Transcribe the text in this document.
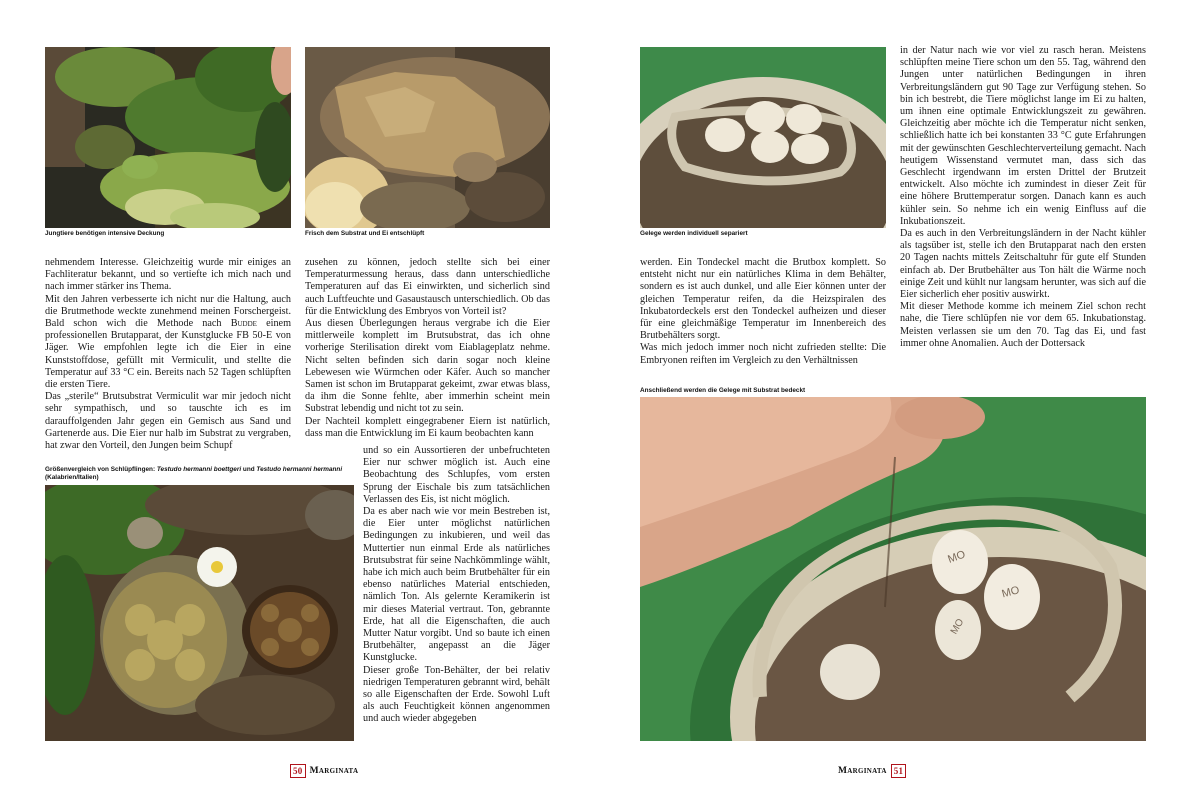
Jungtiere benötigen intensive Deckung	Frisch dem Substrat und Ei entschlüpft

nehmendem Interesse. Gleichzeitig wurde mir einiges an Fachliteratur bekannt, und so vertiefte ich mich nach und nach immer stärker ins Thema.

Mit den Jahren verbesserte ich nicht nur die Haltung, auch die Brutmethode weckte zunehmend meinen Forschergeist. Bald schon wich die Methode nach Budde einem professionellen Brutapparat, der Kunstglucke FB 50-E von Jäger. Wie empfohlen legte ich die Eier in eine Kunststoffdose, gefüllt mit Vermiculit, und stellte die Temperatur auf 33 °C ein. Bereits nach 52 Tagen schlüpften die ersten Tiere.

Das „sterile“ Brutsubstrat Vermiculit war mir jedoch nicht sehr sympathisch, und so tauschte ich es im darauffolgenden Jahr gegen ein Gemisch aus Sand und Gartenerde aus. Die Eier nur halb im Substrat zu vergraben, hat zwar den Vorteil, den Jungen beim Schupf

zusehen zu können, jedoch stellte sich bei einer Temperaturmessung heraus, dass dann unterschiedliche Temperaturen auf das Ei einwirkten, und sicherlich sind auch Luftfeuchte und Gasaustausch unterschiedlich. Ob das für die Entwicklung des Embryos von Vorteil ist?

Aus diesen Überlegungen heraus vergrabe ich die Eier mittlerweile komplett im Brutsubstrat, das ich ohne vorherige Sterilisation direkt vom Eiablageplatz nehme. Nicht selten befinden sich darin sogar noch kleine Lebewesen wie Würmchen oder Käfer. Auch so mancher Samen ist schon im Brutapparat gekeimt, zwar etwas blass, da ihm die Sonne fehlte, aber immerhin scheint mein Substrat lebendig und nicht tot zu sein.

Der Nachteil komplett eingegrabener Eiern ist natürlich, dass man die Entwicklung im Ei kaum beobachten kann

Größenvergleich von Schlüpflingen: Testudo hermanni boettgeri und Testudo hermanni hermanni
(Kalabrien/Italien)

und so ein Aussortieren der unbefruchteten Eier nur schwer möglich ist. Auch eine Beobachtung des Schlupfes, vom ersten Sprung der Eischale bis zum tatsächlichen Verlassen des Eis, ist nicht möglich.

Da es aber nach wie vor mein Bestreben ist, die Eier unter möglichst natürlichen Bedingungen zu inkubieren, und weil das Muttertier nun einmal Erde als natürliches Brutsubstrat für seine Nachkömmlinge wählt, habe ich mich auch beim Brutbehälter für ein ebenso natürliches Material entschieden, nämlich Ton. Als gelernte Keramikerin ist mir dieses Material vertraut. Ton, gebrannte Erde, hat all die Eigenschaften, die auch Mutter Natur vorgibt. Und so baute ich einen Brutbehälter, angepasst an die Jäger Kunstglucke.

Dieser große Ton-Behälter, der bei relativ niedrigen Temperaturen gebrannt wird, behält so alle Eigenschaften der Erde. Sowohl Luft als auch Feuchtigkeit können angenommen und auch wieder abgegeben

50 Marginata
Gelege werden individuell separiert

werden. Ein Tondeckel macht die Brutbox komplett. So entsteht nicht nur ein natürliches Klima in dem Behälter, sondern es ist auch dunkel, und alle Eier können unter der gleichen Temperatur reifen, da die Heizspiralen des Inkubatordeckels erst den Tondeckel aufheizen und dieser für eine gleichmäßige Temperatur im Innenbereich des Brutbehälters sorgt.

Was mich jedoch immer noch nicht zufrieden stellte: Die Embryonen reiften im Vergleich zu den Verhältnissen

in der Natur nach wie vor viel zu rasch heran. Meistens schlüpften meine Tiere schon um den 55. Tag, während den Jungen unter natürlichen Bedingungen in ihren Verbreitungsländern gut 90 Tage zur Verfügung stehen. So bin ich bestrebt, die Tiere möglichst lange im Ei zu halten, um ihnen eine optimale Entwicklungszeit zu gewähren. Gleichzeitig aber möchte ich die Temperatur nicht senken, schließlich hatte ich bei konstanten 33 °C gute Erfahrungen mit der gewünschten Geschlechterverteilung gemacht. Nach heutigem Wissenstand vermutet man, dass sich das Geschlecht irgendwann im ersten Drittel der Brutzeit entwickelt. Also möchte ich zumindest in dieser Zeit für eine höhere Bruttemperatur sorgen. Danach kann es auch kühler sein. So nehme ich ein wenig Einfluss auf die Inkubationszeit.

Da es auch in den Verbreitungsländern in der Nacht kühler als tagsüber ist, stelle ich den Brutapparat nach den ersten 20 Tagen nachts mittels Zeitschaltuhr für gute elf Stunden einfach ab. Der Brutbehälter aus Ton hält die Wärme noch einige Zeit und kühlt nur langsam herunter, was sich auf die Eier sicherlich eher positiv auswirkt.

Mit dieser Methode komme ich meinem Ziel schon recht nahe, die Tiere schlüpfen nie vor dem 65. Inkubationstag. Meisten verlassen sie um den 70. Tag das Ei, und fast immer ohne Anomalien. Auch der Dottersack

Anschließend werden die Gelege mit Substrat bedeckt
MO
MO
MO
Marginata 51
